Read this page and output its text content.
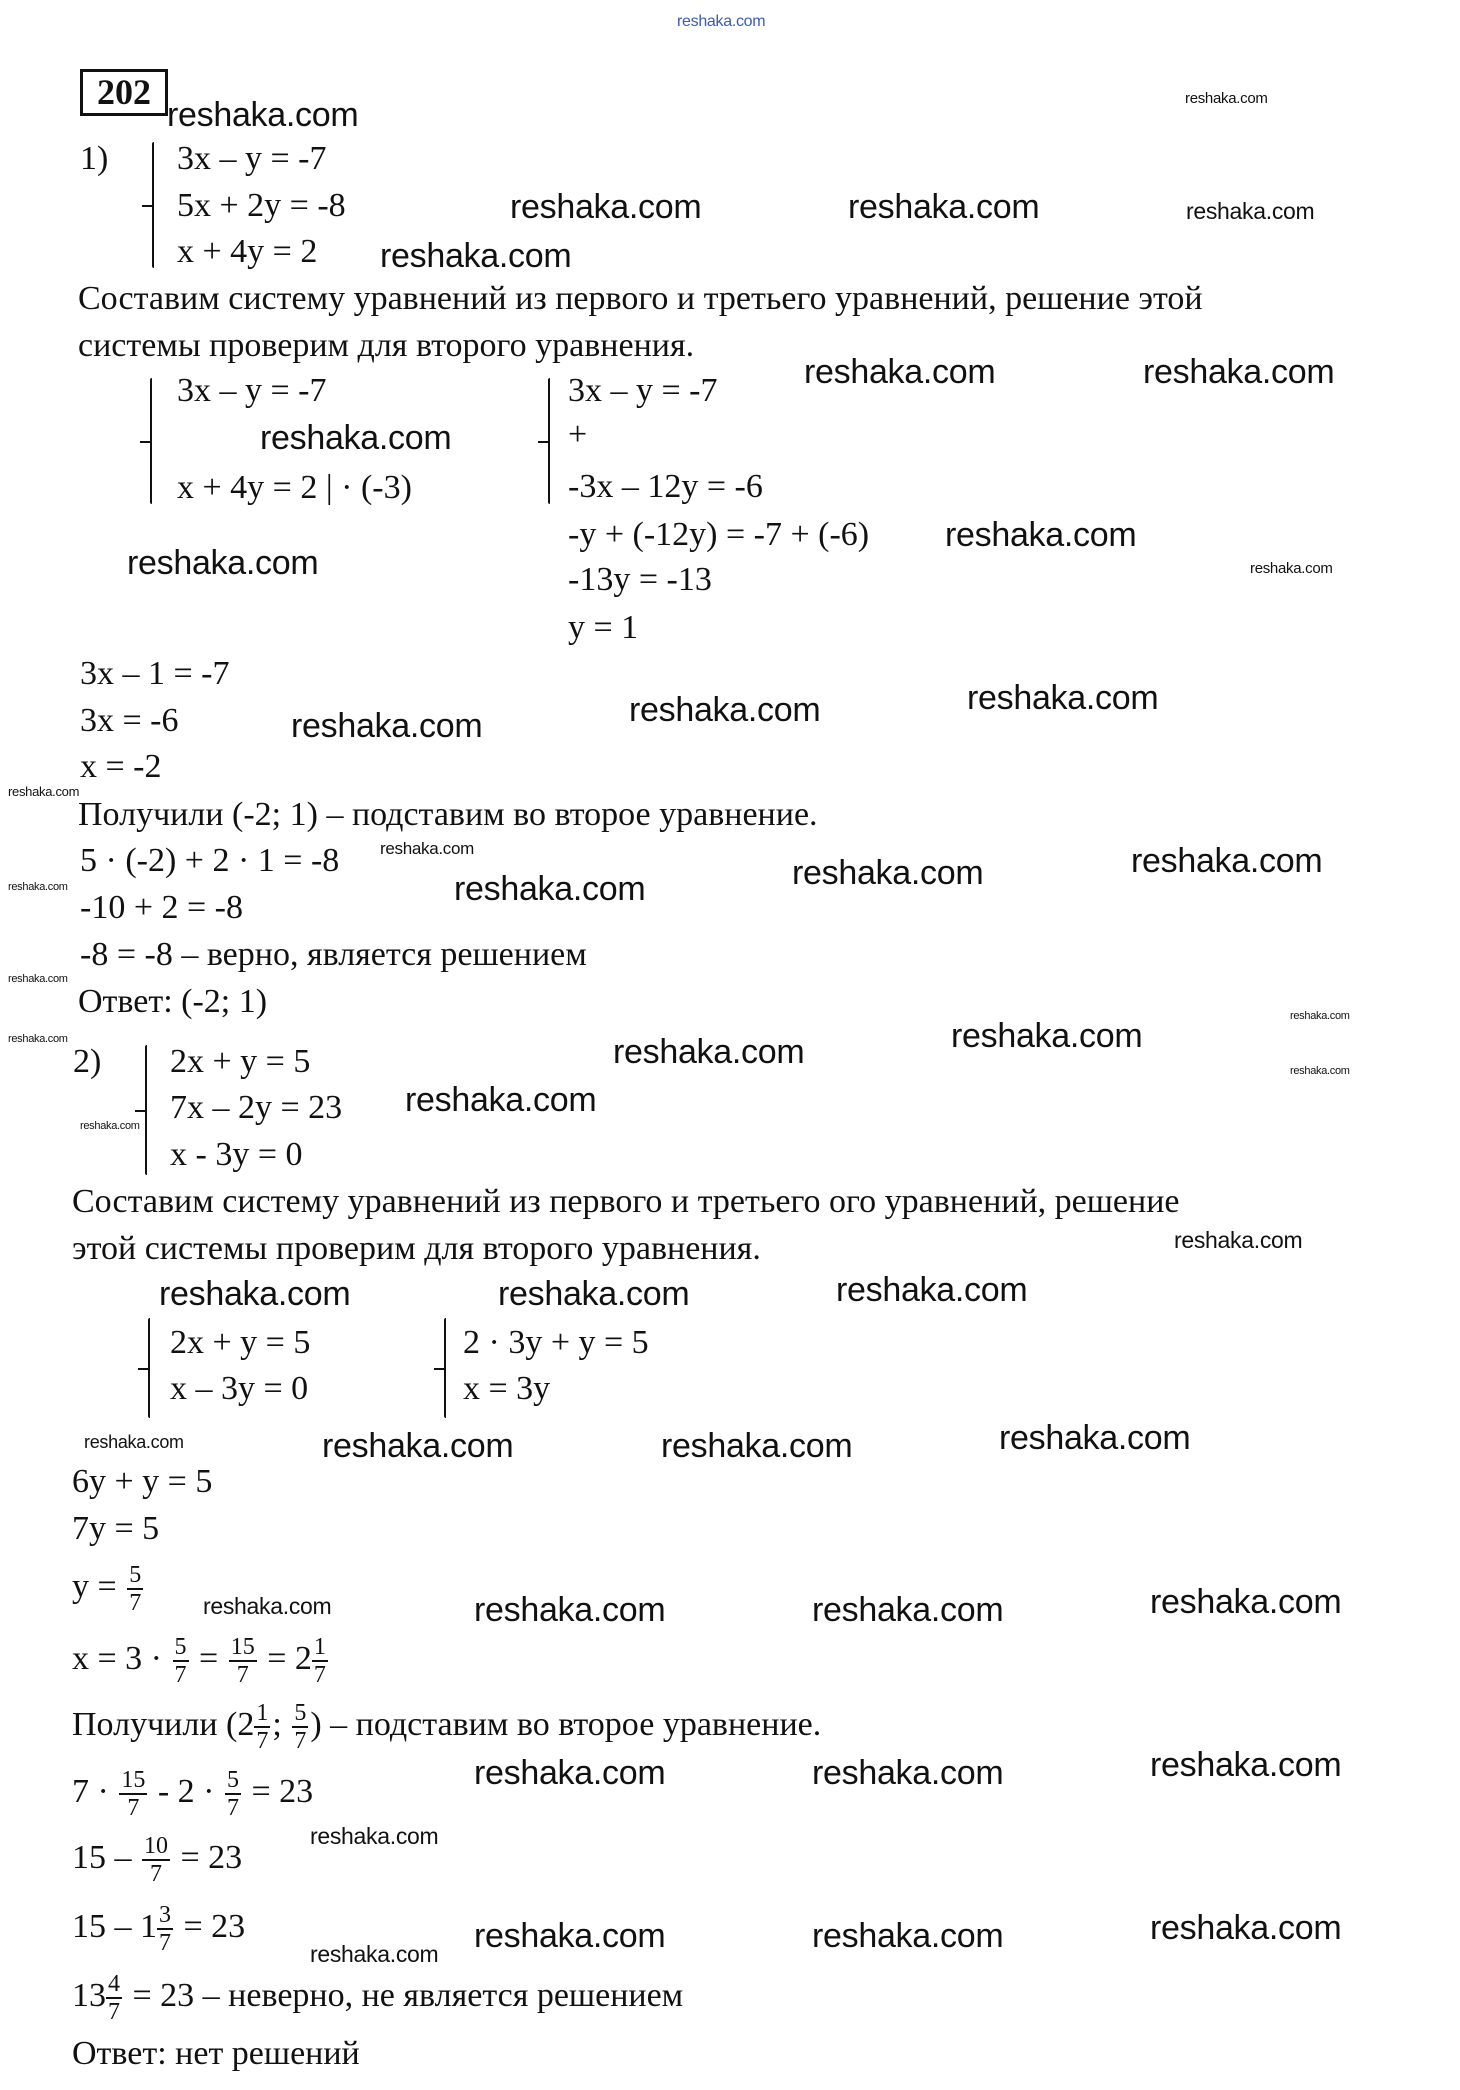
reshaka.com
202
reshaka.com	reshaka.com
reshaka.com	reshaka.com	reshaka.com
reshaka.com
reshaka.com	reshaka.com
reshaka.com
reshaka.com
reshaka.com
reshaka.com
reshaka.com	reshaka.com	reshaka.com
reshaka.com
reshaka.com
reshaka.com
reshaka.com	reshaka.com	reshaka.com
reshaka.com
reshaka.com	reshaka.com
reshaka.com
reshaka.com
reshaka.com
reshaka.com
reshaka.com
reshaka.com
reshaka.com	reshaka.com	reshaka.com
reshaka.com	reshaka.com	reshaka.com	reshaka.com
reshaka.com	reshaka.com	reshaka.com	reshaka.com
reshaka.com	reshaka.com	reshaka.com
reshaka.com
reshaka.com reshaka.com	reshaka.com	reshaka.com
1) 3x – y = -7
5x + 2y = -8
x + 4y = 2
Составим систему уравнений из первого и третьего уравнений, решение этой
системы проверим для второго уравнения.
3x – y = -7
x + 4y = 2 | · (-3)
3x – y = -7
+
-3x – 12y = -6
-y + (-12y) = -7 + (-6)
-13y = -13
y = 1
3x – 1 = -7
3x = -6
x = -2
Получили (-2; 1) – подставим во второе уравнение.
5 · (-2) + 2 · 1 = -8
-10 + 2 = -8
-8 = -8 – верно, является решением
Ответ: (-2; 1)
2) 2x + y = 5
7x – 2y = 23
x - 3y = 0
Составим систему уравнений из первого и третьего ого уравнений, решение
этой системы проверим для второго уравнения.
2x + y = 5
x – 3y = 0
2 · 3y + y = 5
x = 3y
6y + y = 5
7y = 5
$y = \frac{5}{7}$
$x = 3 \cdot \frac{5}{7} = \frac{15}{7} = 2 \frac{1}{7}$
Получили ($2 \frac{1}{7}$ ; $\frac{5}{7}$ ) – подставим во второе уравнение.
$7 \cdot \frac{15}{7} - 2 \cdot \frac{5}{7} = 23$
$15 - \frac{10}{7} = 23$
$15 - 1 \frac{3}{7} = 23$
$13 \frac{4}{7} = 23$ – неверно, не является решением
Ответ: нет решений
